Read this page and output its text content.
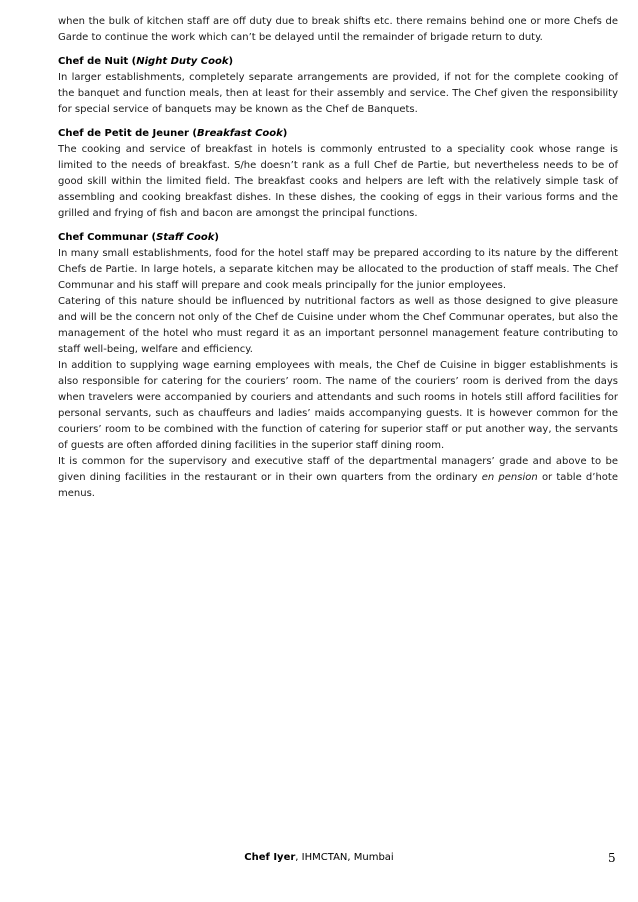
when the bulk of kitchen staff are off duty due to break shifts etc. there remains behind one or more Chefs de Garde to continue the work which can’t be delayed until the remainder of brigade return to duty.

Chef de Nuit (Night Duty Cook)

In larger establishments, completely separate arrangements are provided, if not for the complete cooking of the banquet and function meals, then at least for their assembly and service. The Chef given the responsibility for special service of banquets may be known as the Chef de Banquets.

Chef de Petit de Jeuner (Breakfast Cook)

The cooking and service of breakfast in hotels is commonly entrusted to a speciality cook whose range is limited to the needs of breakfast. S/he doesn’t rank as a full Chef de Partie, but nevertheless needs to be of good skill within the limited field. The breakfast cooks and helpers are left with the relatively simple task of assembling and cooking breakfast dishes. In these dishes, the cooking of eggs in their various forms and the grilled and frying of fish and bacon are amongst the principal functions.

Chef Communar (Staff Cook)

In many small establishments, food for the hotel staff may be prepared according to its nature by the different Chefs de Partie. In large hotels, a separate kitchen may be allocated to the production of staff meals. The Chef Communar and his staff will prepare and cook meals principally for the junior employees.

Catering of this nature should be influenced by nutritional factors as well as those designed to give pleasure and will be the concern not only of the Chef de Cuisine under whom the Chef Communar operates, but also the management of the hotel who must regard it as an important personnel management feature contributing to staff well-being, welfare and efficiency.

In addition to supplying wage earning employees with meals, the Chef de Cuisine in bigger establishments is also responsible for catering for the couriers’ room. The name of the couriers’ room is derived from the days when travelers were accompanied by couriers and attendants and such rooms in hotels still afford facilities for personal servants, such as chauffeurs and ladies’ maids accompanying guests. It is however common for the couriers’ room to be combined with the function of catering for superior staff or put another way, the servants of guests are often afforded dining facilities in the superior staff dining room.

It is common for the supervisory and executive staff of the departmental managers’ grade and above to be given dining facilities in the restaurant or in their own quarters from the ordinary en pension or table d’hote menus.

Chef Iyer, IHMCTAN, Mumbai	5
